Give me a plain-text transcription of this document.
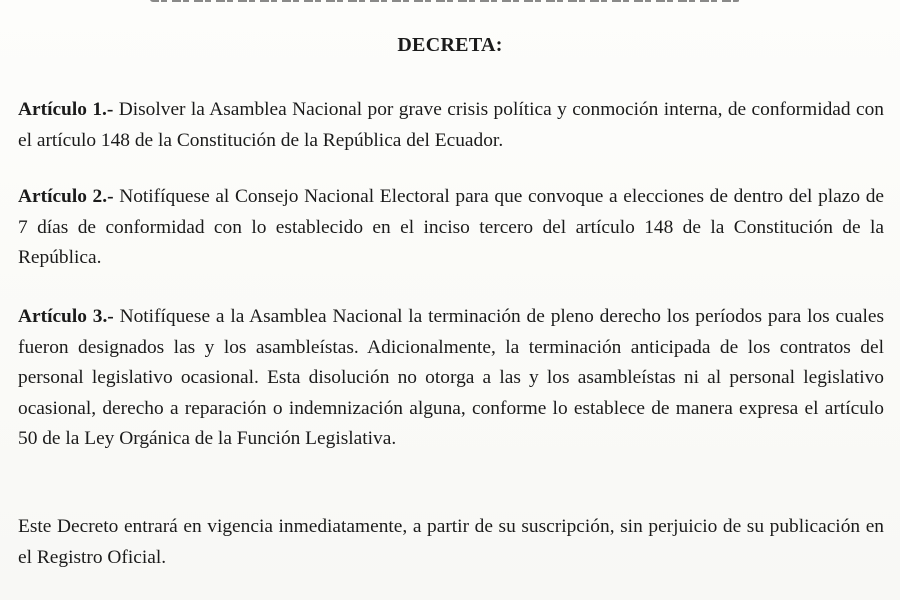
DECRETA:
Artículo 1.- Disolver la Asamblea Nacional por grave crisis política y conmoción interna, de conformidad con el artículo 148 de la Constitución de la República del Ecuador.
Artículo 2.- Notifíquese al Consejo Nacional Electoral para que convoque a elecciones de dentro del plazo de 7 días de conformidad con lo establecido en el inciso tercero del artículo 148 de la Constitución de la República.
Artículo 3.- Notifíquese a la Asamblea Nacional la terminación de pleno derecho los períodos para los cuales fueron designados las y los asambleístas. Adicionalmente, la terminación anticipada de los contratos del personal legislativo ocasional. Esta disolución no otorga a las y los asambleístas ni al personal legislativo ocasional, derecho a reparación o indemnización alguna, conforme lo establece de manera expresa el artículo 50 de la Ley Orgánica de la Función Legislativa.
Este Decreto entrará en vigencia inmediatamente, a partir de su suscripción, sin perjuicio de su publicación en el Registro Oficial.
